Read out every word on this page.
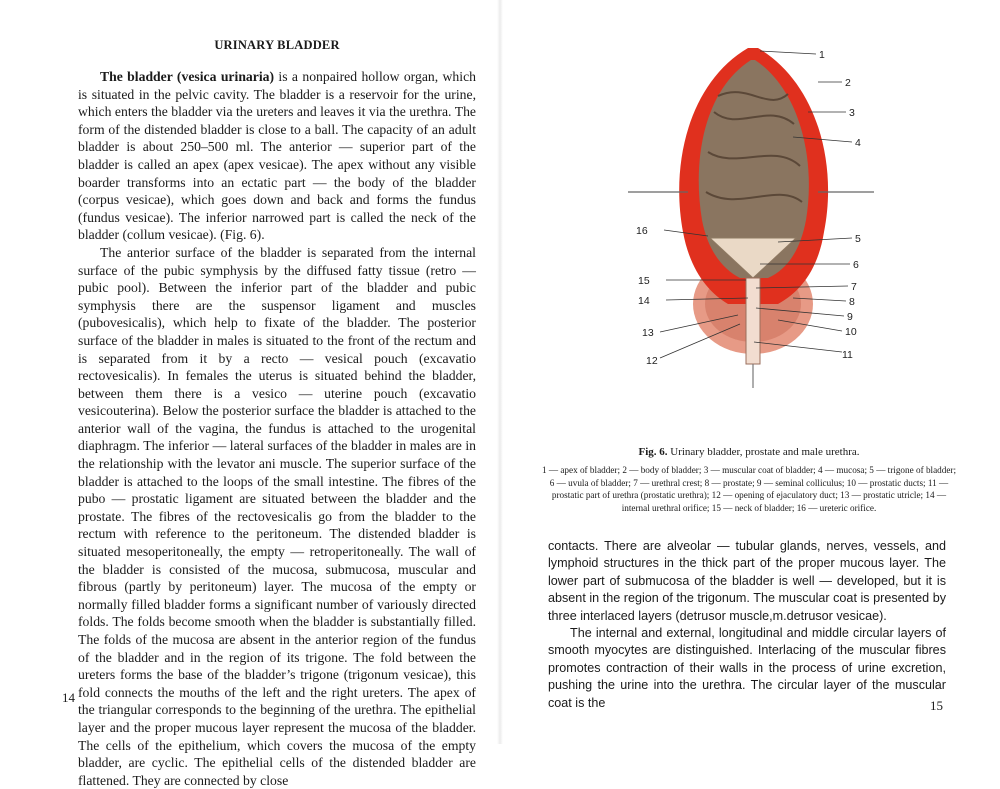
URINARY BLADDER

The bladder (vesica urinaria) is a nonpaired hollow organ, which is situated in the pelvic cavity. The bladder is a reservoir for the urine, which enters the bladder via the ureters and leaves it via the urethra. The form of the distended bladder is close to a ball. The capacity of an adult bladder is about 250–500 ml. The anterior — superior part of the bladder is called an apex (apex vesicae). The apex without any visible boarder transforms into an ectatic part — the body of the bladder (corpus vesicae), which goes down and back and forms the fundus (fundus vesicae). The inferior narrowed part is called the neck of the bladder (collum vesicae). (Fig. 6).

The anterior surface of the bladder is separated from the internal surface of the pubic symphysis by the diffused fatty tissue (retro — pubic pool). Between the inferior part of the bladder and pubic symphysis there are the suspensor ligament and muscles (pubovesicalis), which help to fixate of the bladder. The posterior surface of the bladder in males is situated to the front of the rectum and is separated from it by a recto — vesical pouch (excavatio rectovesicalis). In females the uterus is situated behind the bladder, between them there is a vesico — uterine pouch (excavatio vesicouterina). Below the posterior surface the bladder is attached to the anterior wall of the vagina, the fundus is attached to the urogenital diaphragm. The inferior — lateral surfaces of the bladder in males are in the relationship with the levator ani muscle. The superior surface of the bladder is attached to the loops of the small intestine. The fibres of the pubo — prostatic ligament are situated between the bladder and the prostate. The fibres of the rectovesicalis go from the bladder to the rectum with reference to the peritoneum. The distended bladder is situated mesoperitoneally, the empty — retroperitoneally. The wall of the bladder is consisted of the mucosa, submucosa, muscular and fibrous (partly by peritoneum) layer. The mucosa of the empty or normally filled bladder forms a significant number of variously directed folds. The folds become smooth when the bladder is substantially filled. The folds of the mucosa are absent in the anterior region of the fundus of the bladder and in the region of its trigone. The fold between the ureters forms the base of the bladder’s trigone (trigonum vesicae), this fold connects the mouths of the left and the right ureters. The apex of the triangular corresponds to the beginning of the urethra. The epithelial layer and the proper mucous layer represent the mucosa of the bladder. The cells of the epithelium, which covers the mucosa of the empty bladder, are cyclic. The epithelial cells of the distended bladder are flattened. They are connected by close

14
1
2
3
4
5
6
7
8
9
10
11
12
13
14
15
16
Fig. 6. Urinary bladder, prostate and male urethra.
1 — apex of bladder; 2 — body of bladder; 3 — muscular coat of bladder; 4 — mucosa; 5 — trigone of bladder; 6 — uvula of bladder; 7 — urethral crest; 8 — prostate; 9 — seminal colliculus; 10 — prostatic ducts; 11 — prostatic part of urethra (prostatic urethra); 12 — opening of ejaculatory duct; 13 — prostatic utricle; 14 — internal urethral orifice; 15 — neck of bladder; 16 — ureteric orifice.

contacts. There are alveolar — tubular glands, nerves, vessels, and lymphoid structures in the thick part of the proper mucous layer. The lower part of submucosa of the bladder is well — developed, but it is absent in the region of the trigonum. The muscular coat is presented by three interlaced layers (detrusor muscle,m.detrusor vesicae).

The internal and external, longitudinal and middle circular layers of smooth myocytes are distinguished. Interlacing of the muscular fibres promotes contraction of their walls in the process of urine excretion, pushing the urine into the urethra. The circular layer of the muscular coat is the	15
